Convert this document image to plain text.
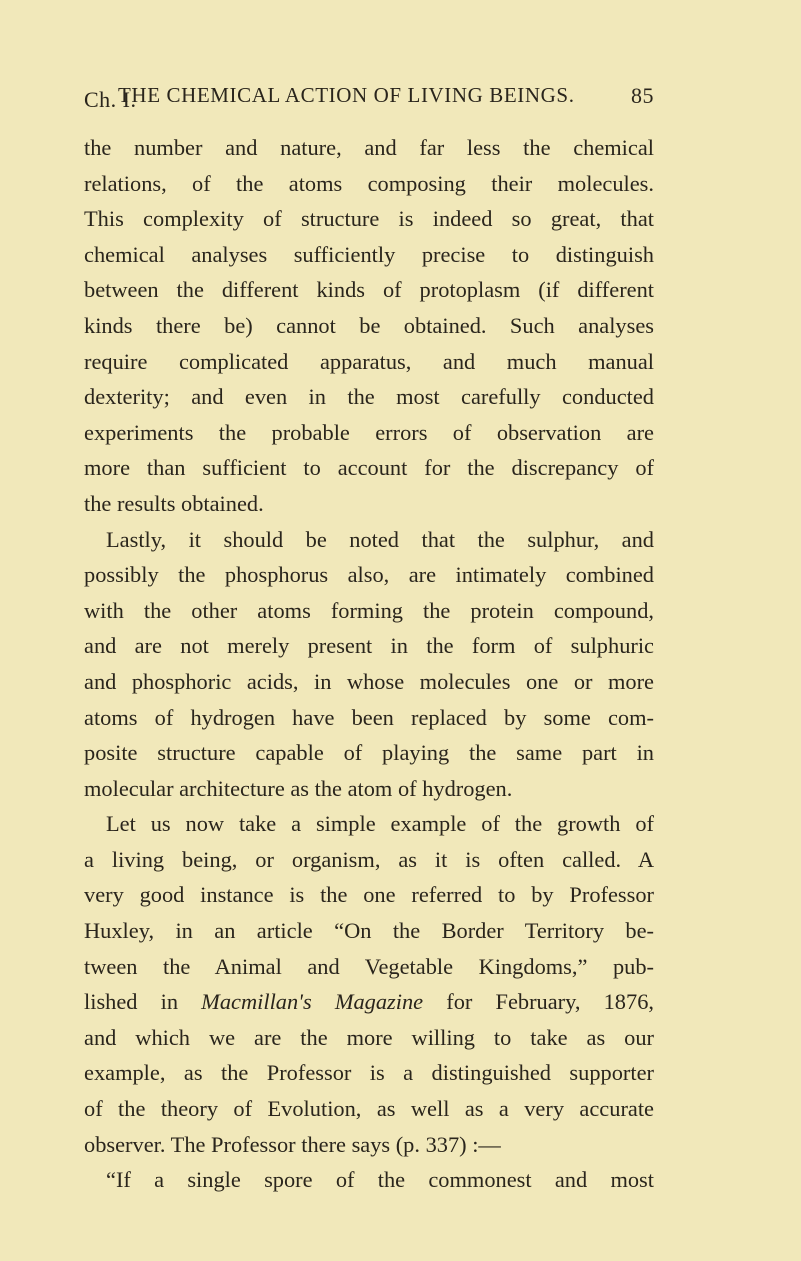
Ch. I.
THE CHEMICAL ACTION OF LIVING BEINGS.	85
the number and nature, and far less the chemical
relations, of the atoms composing their molecules.
This complexity of structure is indeed so great, that
chemical analyses sufficiently precise to distinguish
between the different kinds of protoplasm (if different
kinds there be) cannot be obtained. Such analyses
require complicated apparatus, and much manual
dexterity; and even in the most carefully conducted
experiments the probable errors of observation are
more than sufficient to account for the discrepancy of
the results obtained.
Lastly, it should be noted that the sulphur, and
possibly the phosphorus also, are intimately combined
with the other atoms forming the protein compound,
and are not merely present in the form of sulphuric
and phosphoric acids, in whose molecules one or more
atoms of hydrogen have been replaced by some com-
posite structure capable of playing the same part in
molecular architecture as the atom of hydrogen.
Let us now take a simple example of the growth of
a living being, or organism, as it is often called. A
very good instance is the one referred to by Professor
Huxley, in an article “On the Border Territory be-
tween the Animal and Vegetable Kingdoms,” pub-
lished in Macmillan's Magazine for February, 1876,
and which we are the more willing to take as our
example, as the Professor is a distinguished supporter
of the theory of Evolution, as well as a very accurate
observer. The Professor there says (p. 337) :—
“If a single spore of the commonest and most
